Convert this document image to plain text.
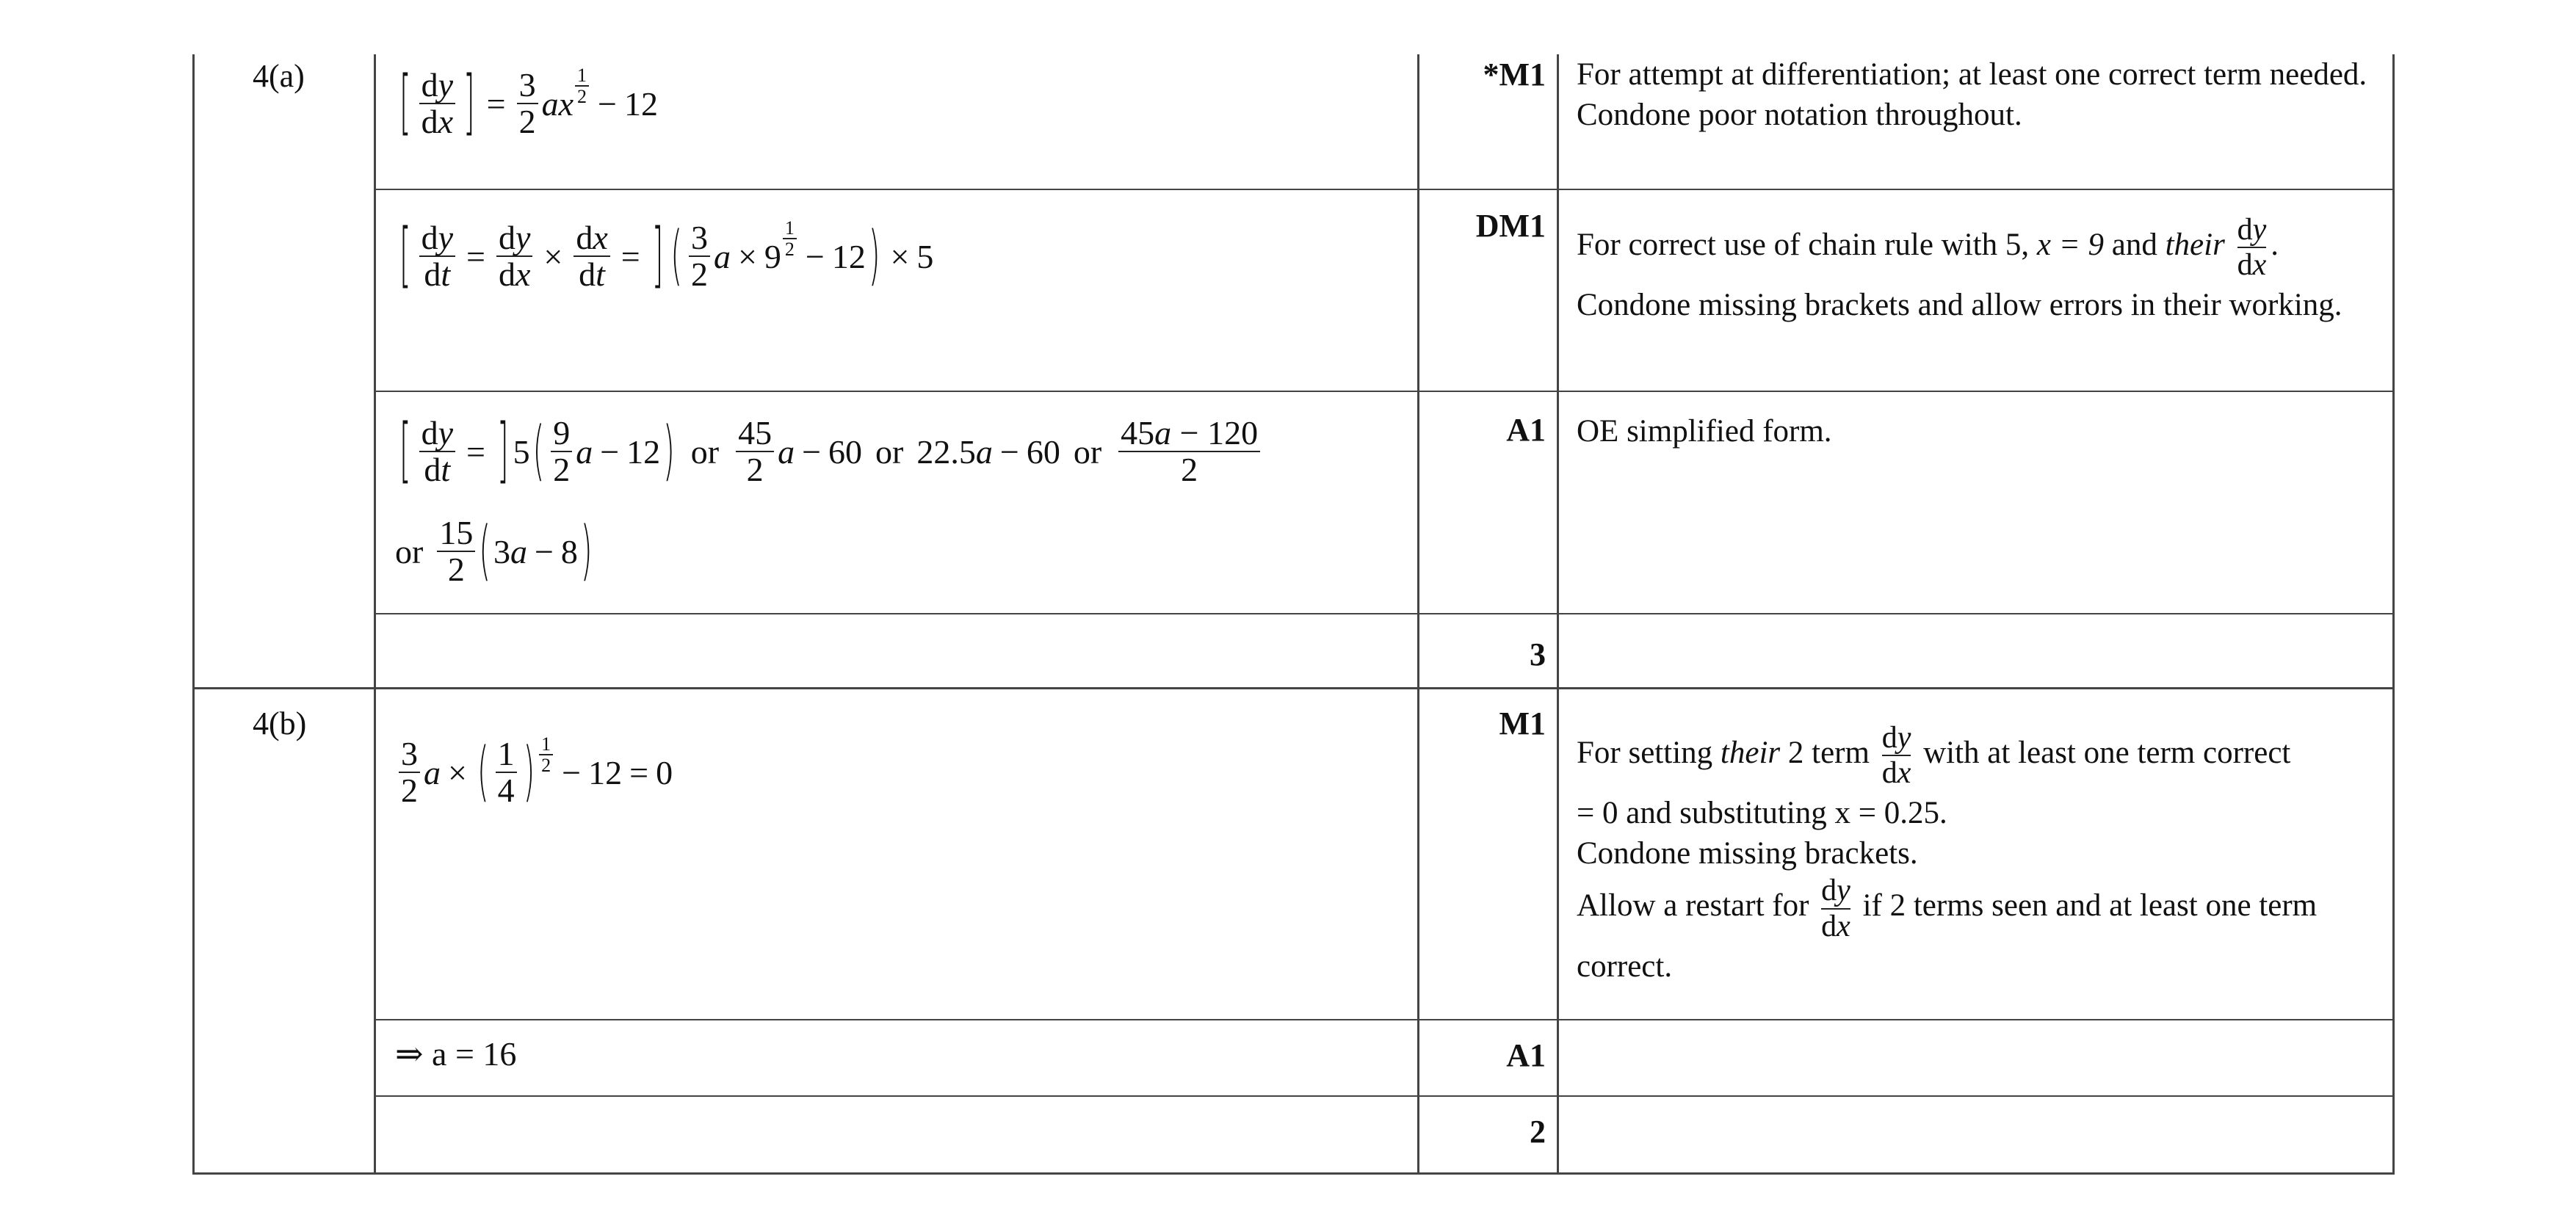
4(a)
4(b)
[ $\frac{dy}{dx}$ ] = $\frac{3}{2}$ ax $\frac{1}{2} - 12$
*M1 For attempt at differentiation; at least one correct term needed.
Condone poor notation throughout.
[ $\frac{dy}{dt} = \frac{dy}{dx} \times \frac{dx}{dt}$ = ] ( $\frac{3}{2}$ $a \times 9 \frac{1}{2} - 12$ ) × 5
DM1
For correct use of chain rule with 5, x = 9 and their $\frac{dy}{dx}$ .
Condone missing brackets and allow errors in their working.
[ $\frac{dy}{dt}$ = ] 5 ( $\frac{9}{2}$ a − 12 ) or $\frac{45}{2}$ a − 60 or 22.5 a − 60 or $\frac{45a - 120}{2}$
or $\frac{15}{2}$ ( 3 a − 8 )
A1 OE simplified form.
3
$\frac{3}{2}$ a × ( $\frac{1}{4}$ ) $\frac{1}{2} - 12 = 0$
M1
For setting their 2 term $\frac{dy}{dx}$ with at least one term correct
= 0 and substituting x = 0.25.
Condone missing brackets.
Allow a restart for $\frac{dy}{dx}$ if 2 terms seen and at least one term
correct.
⇒ a = 16	A1
2
